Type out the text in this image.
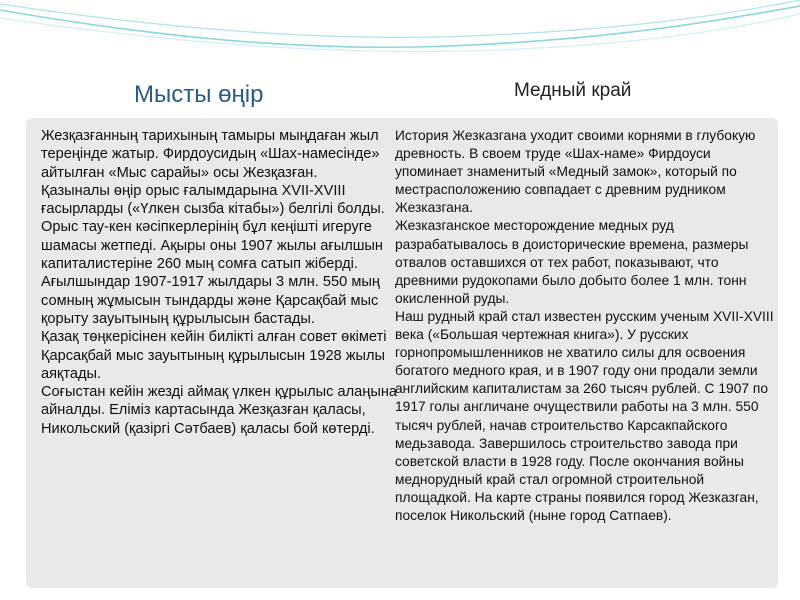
Мысты өңір	Медный край

Жезқазғанның тарихының тамыры мыңдаған жыл тереңінде жатыр. Фирдоусидың «Шах-намесінде» айтылған «Мыс сарайы» осы Жезқазған.

Қазыналы өңір орыс ғалымдарына XVII-XVIII ғасырларды («Үлкен сызба кітабы») белгілі болды.

Орыс тау-кен кәсіпкерлерінің бұл кеңішті игеруге шамасы жетпеді. Ақыры оны 1907 жылы ағылшын капиталистеріне 260 мың сомға сатып жіберді. Ағылшындар 1907-1917 жылдары 3 млн. 550 мың сомның жұмысын тындарды және Қарсақбай мыс қорыту зауытының құрылысын бастады.

Қазақ төңкерісінен кейін билікті алған совет өкіметі Қарсақбай мыс зауытының құрылысын 1928 жылы аяқтады.

Соғыстан кейін жезді аймақ үлкен құрылыс алаңына айналды. Еліміз картасында Жезқазған қаласы, Никольский (қазіргі Сәтбаев) қаласы бой көтерді.

История Жезказгана уходит своими корнями в глубокую древность. В своем труде «Шах-наме» Фирдоуси упоминает знаменитый «Медный замок», который по местрасположению совпадает с древним рудником Жезказгана.

Жезказганское месторождение медных руд разрабатывалось в доисторические времена, размеры отвалов оставшихся от тех работ, показывают, что древними рудокопами было добыто более 1 млн. тонн окисленной руды.

Наш рудный край стал известен русским ученым XVII-XVIII века («Большая чертежная книга»). У русских горнопромышленников не хватило силы для освоения богатого медного края, и в 1907 году они продали земли английским капиталистам за 260 тысяч рублей. С 1907 по 1917 голы англичане очуществили работы на 3 млн. 550 тысяч рублей, начав строительство Карсакпайского медьзавода. Завершилось строительство завода при советской власти в 1928 году. После окончания войны меднорудный край стал огромной строительной площадкой. На карте страны появился город Жезказган, поселок Никольский (ныне город Сатпаев).
